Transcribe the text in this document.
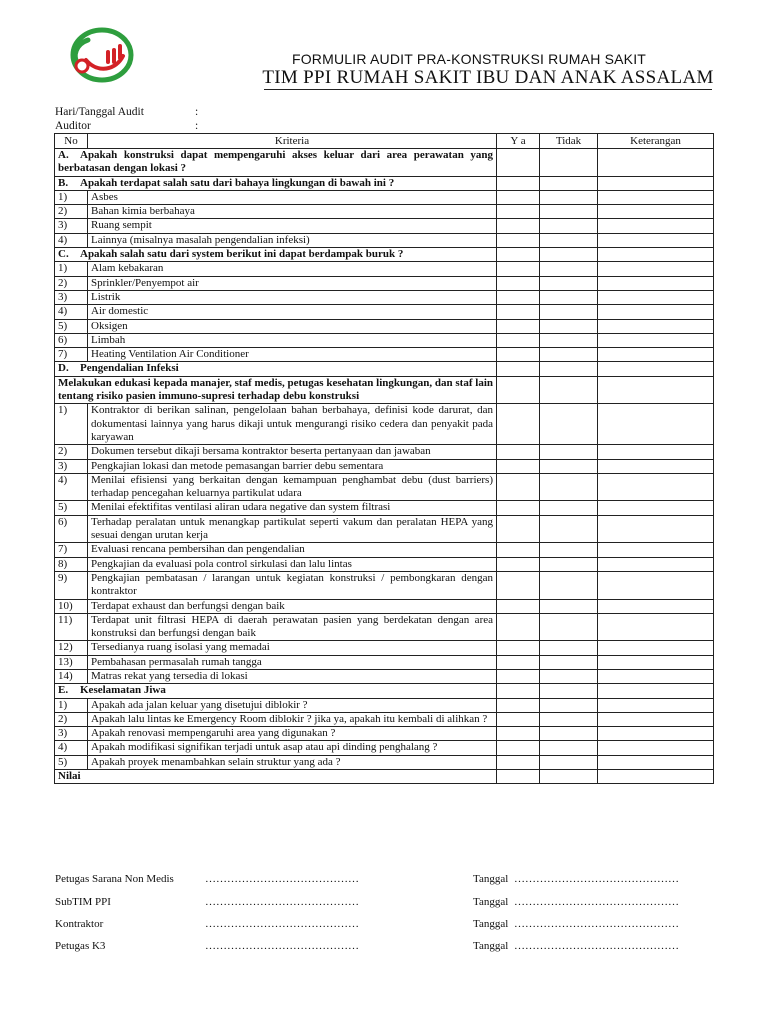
FORMULIR AUDIT PRA-KONSTRUKSI RUMAH SAKIT
TIM PPI RUMAH SAKIT IBU DAN ANAK ASSALAM
Hari/Tanggal Audit	:
Auditor	:
No	Kriteria	Y a	Tidak	Keterangan
A. Apakah konstruksi dapat mempengaruhi akses keluar dari area perawatan yang berbatasan dengan lokasi ?				
B. Apakah terdapat salah satu dari bahaya lingkungan di bawah ini ?				
1)	Asbes			
2)	Bahan kimia berbahaya			
3)	Ruang sempit			
4)	Lainnya (misalnya masalah pengendalian infeksi)			
C. Apakah salah satu dari system berikut ini dapat berdampak buruk ?				
1)	Alam kebakaran			
2)	Sprinkler/Penyempot air			
3)	Listrik			
4)	Air domestic			
5)	Oksigen			
6)	Limbah			
7)	Heating Ventilation Air Conditioner			
D. Pengendalian Infeksi				
Melakukan edukasi kepada manajer, staf medis, petugas kesehatan lingkungan, dan staf lain tentang risiko pasien immuno-supresi terhadap debu konstruksi				
1)	Kontraktor di berikan salinan, pengelolaan bahan berbahaya, definisi kode darurat, dan dokumentasi lainnya yang harus dikaji untuk mengurangi risiko cedera dan penyakit pada karyawan			
2)	Dokumen tersebut dikaji bersama kontraktor beserta pertanyaan dan jawaban			
3)	Pengkajian lokasi dan metode pemasangan barrier debu sementara			
4)	Menilai efisiensi yang berkaitan dengan kemampuan penghambat debu (dust barriers) terhadap pencegahan keluarnya partikulat udara			
5)	Menilai efektifitas ventilasi aliran udara negative dan system filtrasi			
6)	Terhadap peralatan untuk menangkap partikulat seperti vakum dan peralatan HEPA yang sesuai dengan urutan kerja			
7)	Evaluasi rencana pembersihan dan pengendalian			
8)	Pengkajian da evaluasi pola control sirkulasi dan lalu lintas			
9)	Pengkajian pembatasan / larangan untuk kegiatan konstruksi / pembongkaran dengan kontraktor			
10)	Terdapat exhaust dan berfungsi dengan baik			
11)	Terdapat unit filtrasi HEPA di daerah perawatan pasien yang berdekatan dengan area konstruksi dan berfungsi dengan baik			
12)	Tersedianya ruang isolasi yang memadai			
13)	Pembahasan permasalah rumah tangga			
14)	Matras rekat yang tersedia di lokasi			
E. Keselamatan Jiwa				
1)	Apakah ada jalan keluar yang disetujui diblokir ?			
2)	Apakah lalu lintas ke Emergency Room diblokir ? jika ya, apakah itu kembali di alihkan ?			
3)	Apakah renovasi mempengaruhi area yang digunakan ?			
4)	Apakah modifikasi signifikan terjadi untuk asap atau api dinding penghalang ?			
5)	Apakah proyek menambahkan selain struktur yang ada ?			
Nilai				
Petugas Sarana Non Medis	……………………………………	Tanggal ………………………………………
SubTIM PPI	……………………………………	Tanggal ………………………………………
Kontraktor	……………………………………	Tanggal ………………………………………
Petugas K3	……………………………………	Tanggal ………………………………………
